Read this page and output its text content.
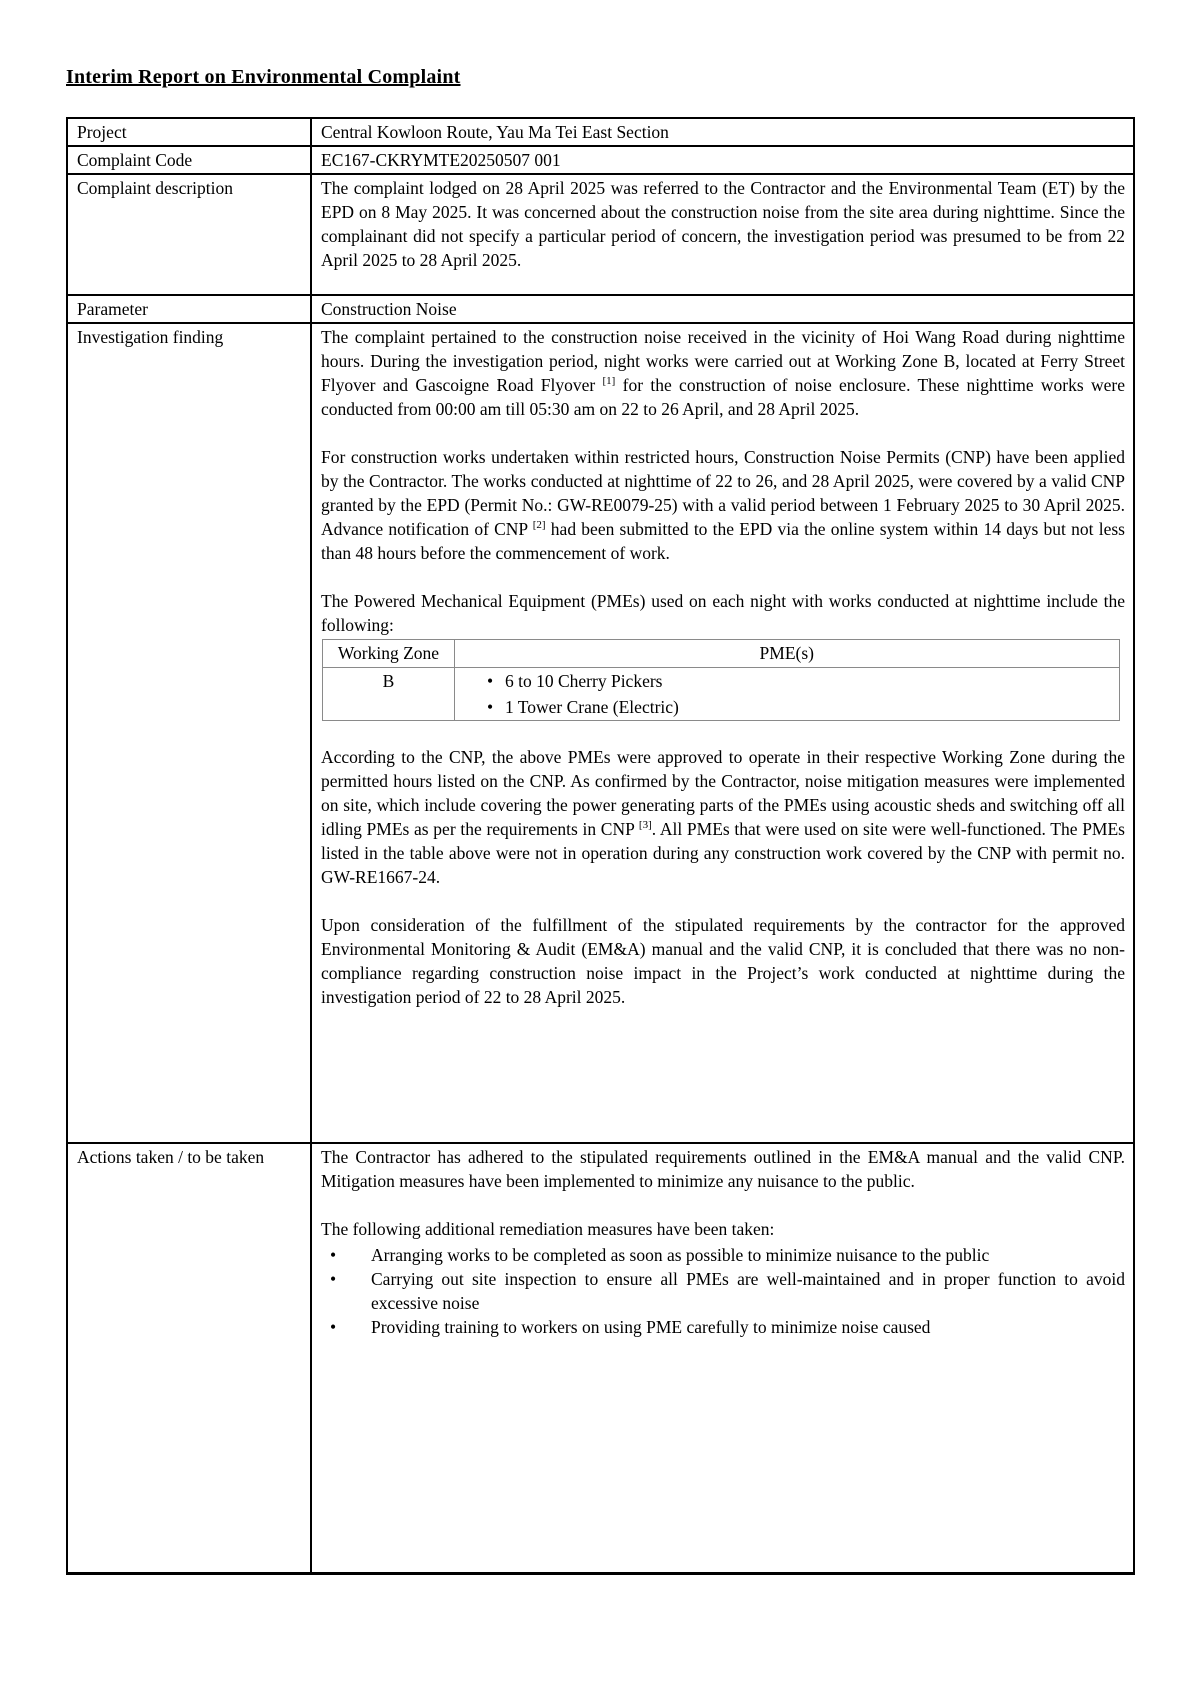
Interim Report on Environmental Complaint
Project	Central Kowloon Route, Yau Ma Tei East Section
Complaint Code	EC167-CKRYMTE20250507 001
Complaint description	The complaint lodged on 28 April 2025 was referred to the Contractor and the Environmental Team (ET) by the EPD on 8 May 2025. It was concerned about the construction noise from the site area during nighttime. Since the complainant did not specify a particular period of concern, the investigation period was presumed to be from 22 April 2025 to 28 April 2025.

Parameter	Construction Noise
Investigation finding	The complaint pertained to the construction noise received in the vicinity of Hoi Wang Road during nighttime hours. During the investigation period, night works were carried out at Working Zone B, located at Ferry Street Flyover and Gascoigne Road Flyover [1] for the construction of noise enclosure. These nighttime works were conducted from 00:00 am till 05:30 am on 22 to 26 April, and 28 April 2025.
For construction works undertaken within restricted hours, Construction Noise Permits (CNP) have been applied by the Contractor. The works conducted at nighttime of 22 to 26, and 28 April 2025, were covered by a valid CNP granted by the EPD (Permit No.: GW-RE0079-25) with a valid period between 1 February 2025 to 30 April 2025. Advance notification of CNP [2] had been submitted to the EPD via the online system within 14 days but not less than 48 hours before the commencement of work.
The Powered Mechanical Equipment (PMEs) used on each night with works conducted at nighttime include the following:
Working Zone	PME(s)
B	• 6 to 10 Cherry Pickers
• 1 Tower Crane (Electric)
According to the CNP, the above PMEs were approved to operate in their respective Working Zone during the permitted hours listed on the CNP. As confirmed by the Contractor, noise mitigation measures were implemented on site, which include covering the power generating parts of the PMEs using acoustic sheds and switching off all idling PMEs as per the requirements in CNP [3]. All PMEs that were used on site were well-functioned. The PMEs listed in the table above were not in operation during any construction work covered by the CNP with permit no. GW-RE1667-24.
Upon consideration of the fulfillment of the stipulated requirements by the contractor for the approved Environmental Monitoring & Audit (EM&A) manual and the valid CNP, it is concluded that there was no non-compliance regarding construction noise impact in the Project’s work conducted at nighttime during the investigation period of 22 to 28 April 2025.

Actions taken / to be taken	The Contractor has adhered to the stipulated requirements outlined in the EM&A manual and the valid CNP. Mitigation measures have been implemented to minimize any nuisance to the public.
The following additional remediation measures have been taken:
•	Arranging works to be completed as soon as possible to minimize nuisance to the public
•	Carrying out site inspection to ensure all PMEs are well-maintained and in proper function to avoid excessive noise
•	Providing training to workers on using PME carefully to minimize noise caused
